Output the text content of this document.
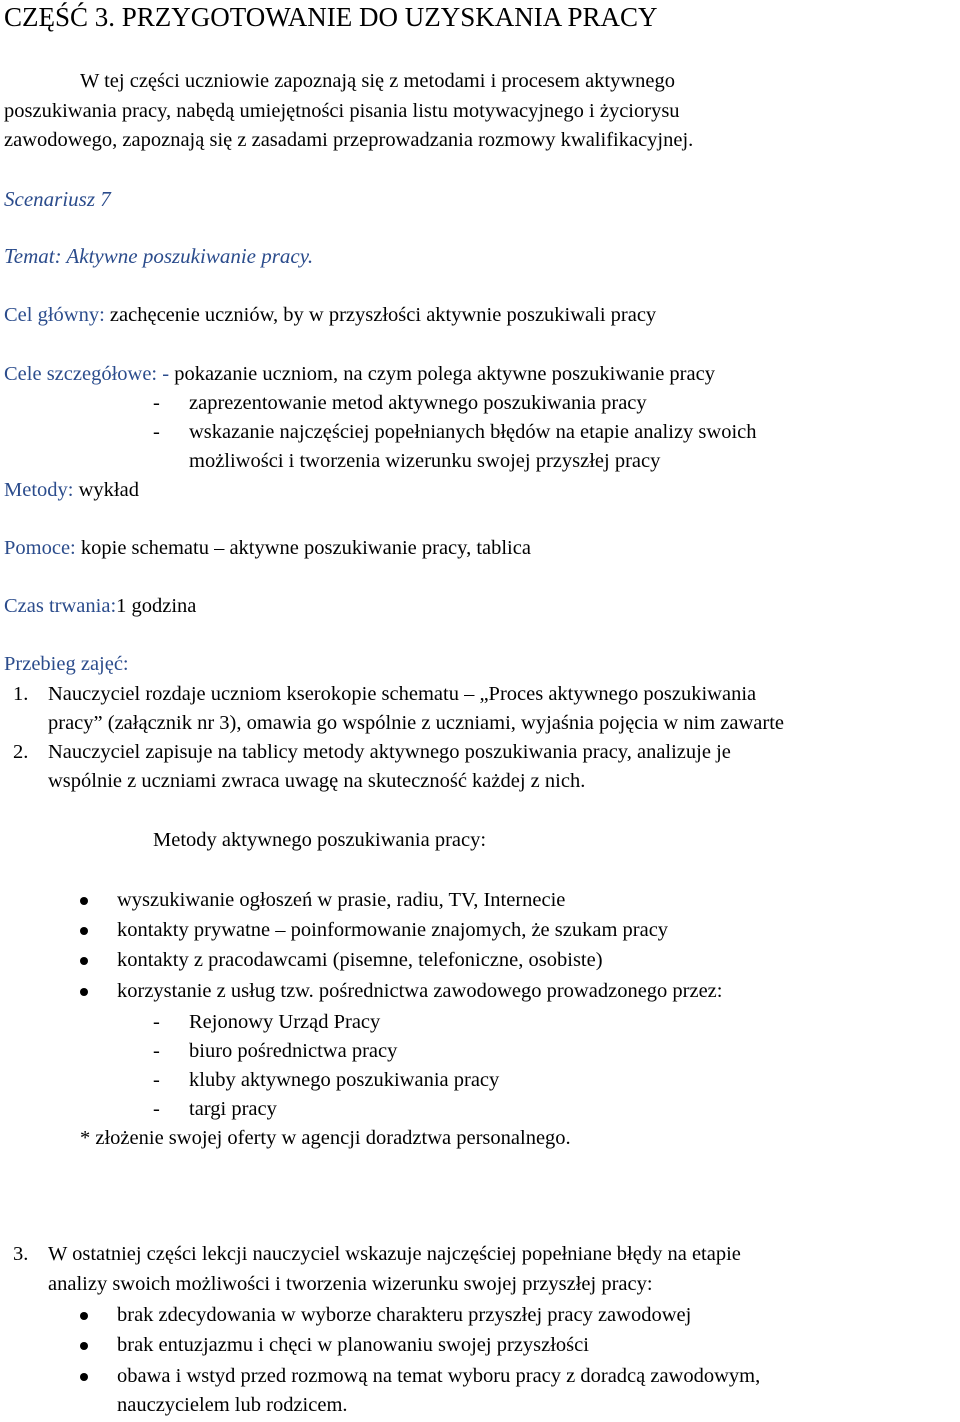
CZĘŚĆ 3. PRZYGOTOWANIE DO UZYSKANIA PRACY
W tej części uczniowie zapoznają się z metodami i procesem aktywnego
poszukiwania pracy, nabędą umiejętności pisania listu motywacyjnego i życiorysu
zawodowego, zapoznają się z zasadami przeprowadzania rozmowy kwalifikacyjnej.
Scenariusz 7
Temat: Aktywne poszukiwanie pracy.
Cel główny: zachęcenie uczniów, by w przyszłości aktywnie poszukiwali pracy
Cele szczegółowe: - pokazanie uczniom, na czym polega aktywne poszukiwanie pracy
- zaprezentowanie metod aktywnego poszukiwania pracy
- wskazanie najczęściej popełnianych błędów na etapie analizy swoich
możliwości i tworzenia wizerunku swojej przyszłej pracy
Metody: wykład
Pomoce: kopie schematu – aktywne poszukiwanie pracy, tablica
Czas trwania:1 godzina
Przebieg zajęć:
1. Nauczyciel rozdaje uczniom kserokopie schematu – „Proces aktywnego poszukiwania
pracy” (załącznik nr 3), omawia go wspólnie z uczniami, wyjaśnia pojęcia w nim zawarte
2. Nauczyciel zapisuje na tablicy metody aktywnego poszukiwania pracy, analizuje je
wspólnie z uczniami zwraca uwagę na skuteczność każdej z nich.
Metody aktywnego poszukiwania pracy:
wyszukiwanie ogłoszeń w prasie, radiu, TV, Internecie
kontakty prywatne – poinformowanie znajomych, że szukam pracy
kontakty z pracodawcami (pisemne, telefoniczne, osobiste)
korzystanie z usług tzw. pośrednictwa zawodowego prowadzonego przez:
- Rejonowy Urząd Pracy
- biuro pośrednictwa pracy
- kluby aktywnego poszukiwania pracy
- targi pracy
* złożenie swojej oferty w agencji doradztwa personalnego.
3. W ostatniej części lekcji nauczyciel wskazuje najczęściej popełniane błędy na etapie
analizy swoich możliwości i tworzenia wizerunku swojej przyszłej pracy:
brak zdecydowania w wyborze charakteru przyszłej pracy zawodowej
brak entuzjazmu i chęci w planowaniu swojej przyszłości
obawa i wstyd przed rozmową na temat wyboru pracy z doradcą zawodowym,
nauczycielem lub rodzicem.
